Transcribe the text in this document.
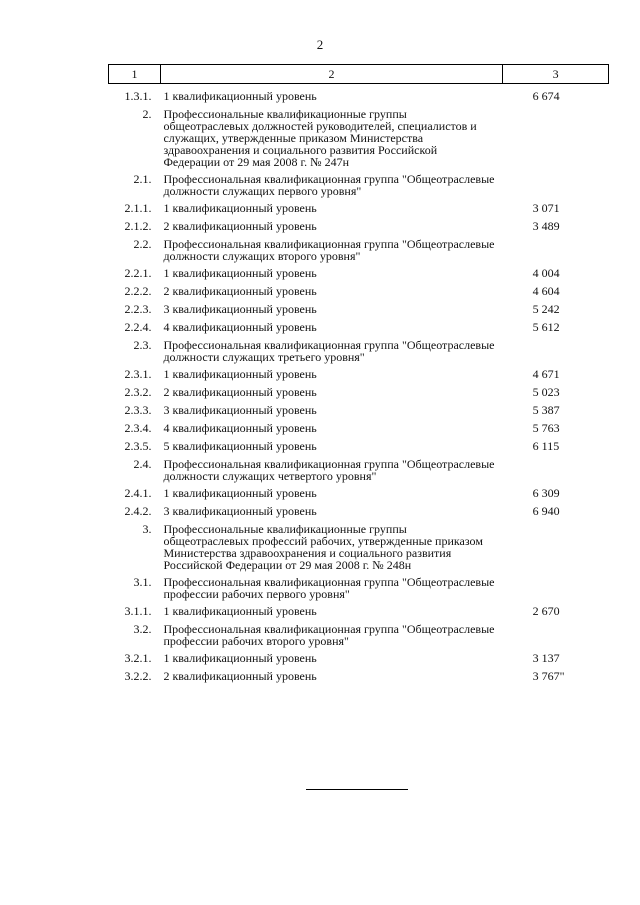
2
1	2	3
1.3.1.	1 квалификационный уровень	6 674
2.	Профессиональные квалификационные группы общеотраслевых должностей руководителей, специалистов и служащих, утвержденные приказом Министерства здравоохранения и социального развития Российской Федерации от 29 мая 2008 г. № 247н	
2.1.	Профессиональная квалификационная группа "Общеотраслевые должности служащих первого уровня"	
2.1.1.	1 квалификационный уровень	3 071
2.1.2.	2 квалификационный уровень	3 489
2.2.	Профессиональная квалификационная группа "Общеотраслевые должности служащих второго уровня"	
2.2.1.	1 квалификационный уровень	4 004
2.2.2.	2 квалификационный уровень	4 604
2.2.3.	3 квалификационный уровень	5 242
2.2.4.	4 квалификационный уровень	5 612
2.3.	Профессиональная квалификационная группа "Общеотраслевые должности служащих третьего уровня"	
2.3.1.	1 квалификационный уровень	4 671
2.3.2.	2 квалификационный уровень	5 023
2.3.3.	3 квалификационный уровень	5 387
2.3.4.	4 квалификационный уровень	5 763
2.3.5.	5 квалификационный уровень	6 115
2.4.	Профессиональная квалификационная группа "Общеотраслевые должности служащих четвертого уровня"	
2.4.1.	1 квалификационный уровень	6 309
2.4.2.	3 квалификационный уровень	6 940
3.	Профессиональные квалификационные группы общеотраслевых профессий рабочих, утвержденные приказом Министерства здравоохранения и социального развития Российской Федерации от 29 мая 2008 г. № 248н	
3.1.	Профессиональная квалификационная группа "Общеотраслевые профессии рабочих первого уровня"	
3.1.1.	1 квалификационный уровень	2 670
3.2.	Профессиональная квалификационная группа "Общеотраслевые профессии рабочих второго уровня"	
3.2.1.	1 квалификационный уровень	3 137
3.2.2.	2 квалификационный уровень	3 767"
